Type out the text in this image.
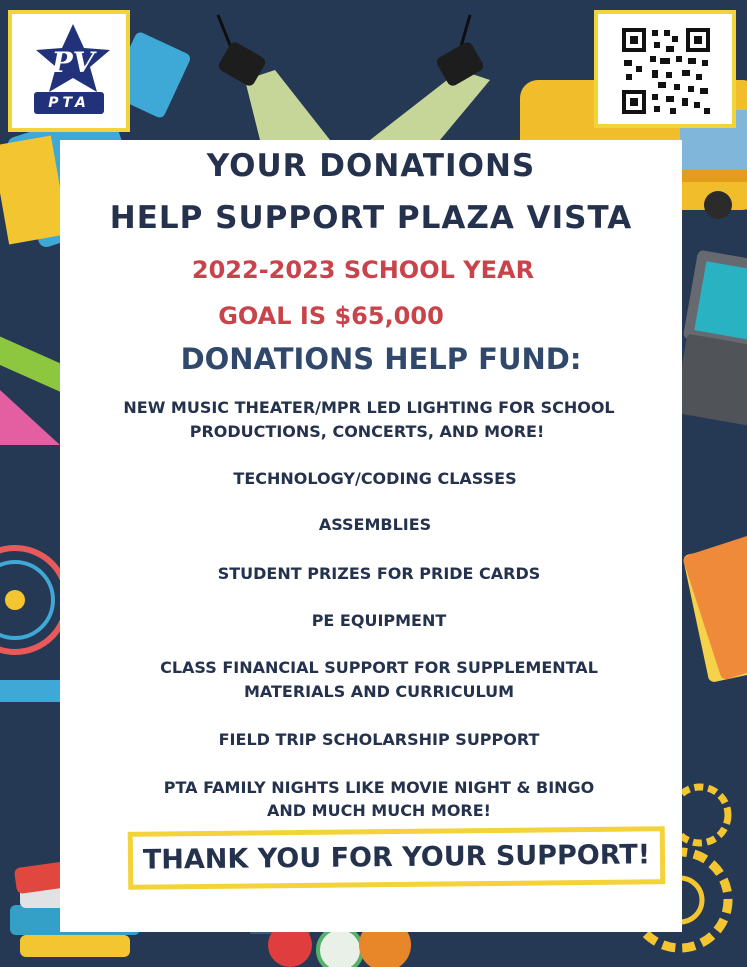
PV
PTA

YOUR DONATIONS

HELP SUPPORT PLAZA VISTA

2022-2023 SCHOOL YEAR

GOAL IS $65,000

DONATIONS HELP FUND:

NEW MUSIC THEATER/MPR LED LIGHTING FOR SCHOOL

PRODUCTIONS, CONCERTS, AND MORE!

TECHNOLOGY/CODING CLASSES

ASSEMBLIES

STUDENT PRIZES FOR PRIDE CARDS

PE EQUIPMENT

CLASS FINANCIAL SUPPORT FOR SUPPLEMENTAL

MATERIALS AND CURRICULUM

FIELD TRIP SCHOLARSHIP SUPPORT

PTA FAMILY NIGHTS LIKE MOVIE NIGHT & BINGO

AND MUCH MUCH MORE!

THANK YOU FOR YOUR SUPPORT!
